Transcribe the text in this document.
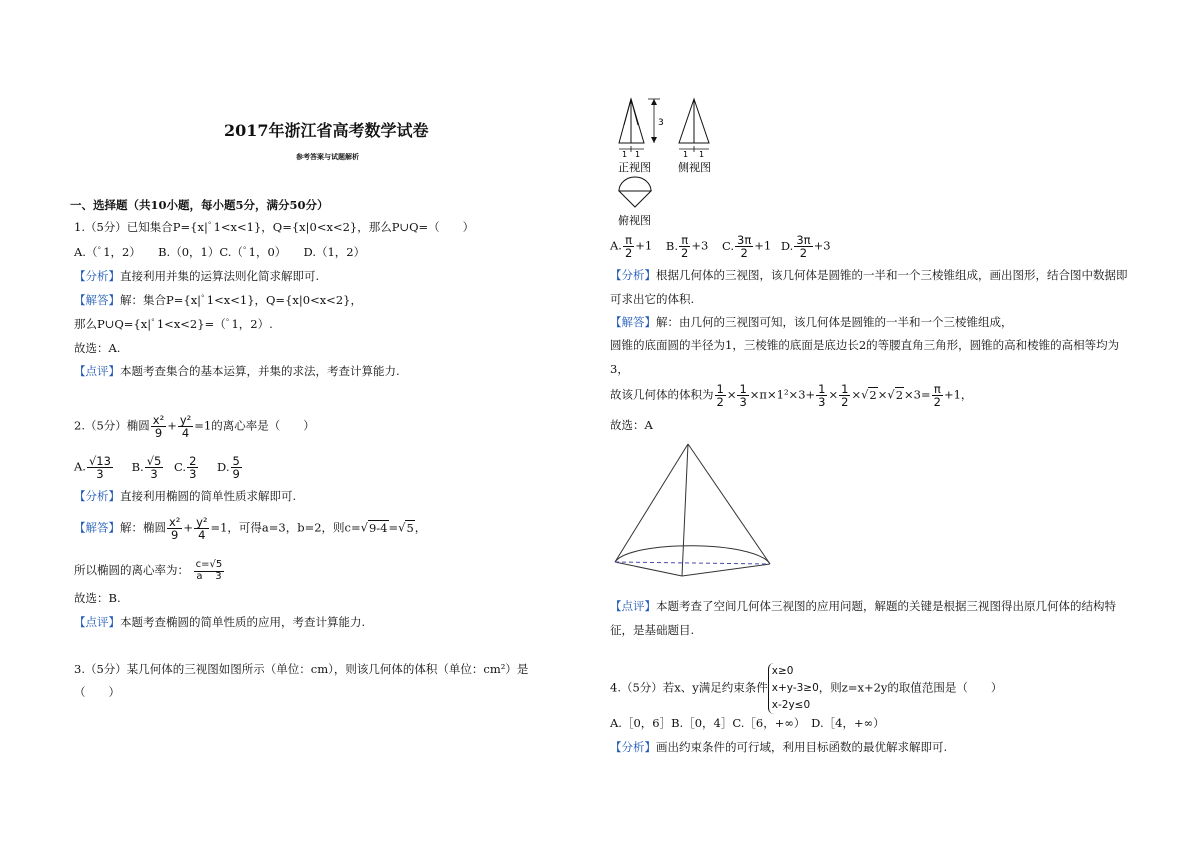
2017年浙江省高考数学试卷
参考答案与试题解析
一、选择题（共10小题，每小题5分，满分50分）
1.（5分）已知集合P={x|ﾟ1<x<1}，Q={x|0<x<2}，那么P∪Q=（　　）
A.（ﾟ1，2）　　B.（0，1）C.（ﾟ1，0）　　D.（1，2）
【分析】直接利用并集的运算法则化简求解即可.
【解答】解：集合P={x|ﾟ1<x<1}，Q={x|0<x<2}，
那么P∪Q={x|ﾟ1<x<2}=（ﾟ1，2）.
故选：A.
【点评】本题考查集合的基本运算，并集的求法，考查计算能力.
2.（5分）椭圆 $\frac{\text{x²}}{9} + \frac{\text{y²}}{4} =1$的离心率是（　　）
A. $\frac{√13}{3} B$. $\frac{√5}{3} C$. $\frac{2}{3} D$. $\frac{5}{9}$
【分析】直接利用椭圆的简单性质求解即可.
【解答】解：椭圆 $\frac{\text{x²}}{9} + \frac{\text{y²}}{4} =1$，可得a=3，b=2，则c=√9-4=√5，
所以椭圆的离心率为： $\frac{c=√5}{a 3}$
故选：B.
【点评】本题考查椭圆的简单性质的应用，考查计算能力.
3.（5分）某几何体的三视图如图所示（单位：cm），则该几何体的体积（单位：cm²）是
（　　）
1 1
3
正视图
1 1
侧视图
俯视图
A. $\frac{\pi}{2} +1$ B. $\frac{\pi}{2} +3$ C. $\frac{3\pi}{2} +1$ D. $\frac{3\pi}{2} +3$
【分析】根据几何体的三视图，该几何体是圆锥的一半和一个三棱锥组成，画出图形，结合图中数据即可求出它的体积.
【解答】解：由几何的三视图可知，该几何体是圆锥的一半和一个三棱锥组成，
圆锥的底面圆的半径为1，三棱锥的底面是底边长2的等腰直角三角形，圆锥的高和棱锥的高相等均为3，
故该几何体的体积为 $\frac{1}{2} \times \frac{1}{3} \times\pi\times 1^2\times 3+ \frac{1}{3} \times \frac{1}{2} \times√2\times√2\times 3= \frac{\pi}{2} +1$，
故选：A
【点评】本题考查了空间几何体三视图的应用问题，解题的关键是根据三视图得出原几何体的结构特征，是基础题目.
4.（5分）若x、y满足约束条件x≥0
x+y-3≥0
x-2y≤0，则z=x+2y的取值范围是（　　）
A.［0，6］B.［0，4］C.［6，+∞）　D.［4，+∞）
【分析】画出约束条件的可行域，利用目标函数的最优解求解即可.
